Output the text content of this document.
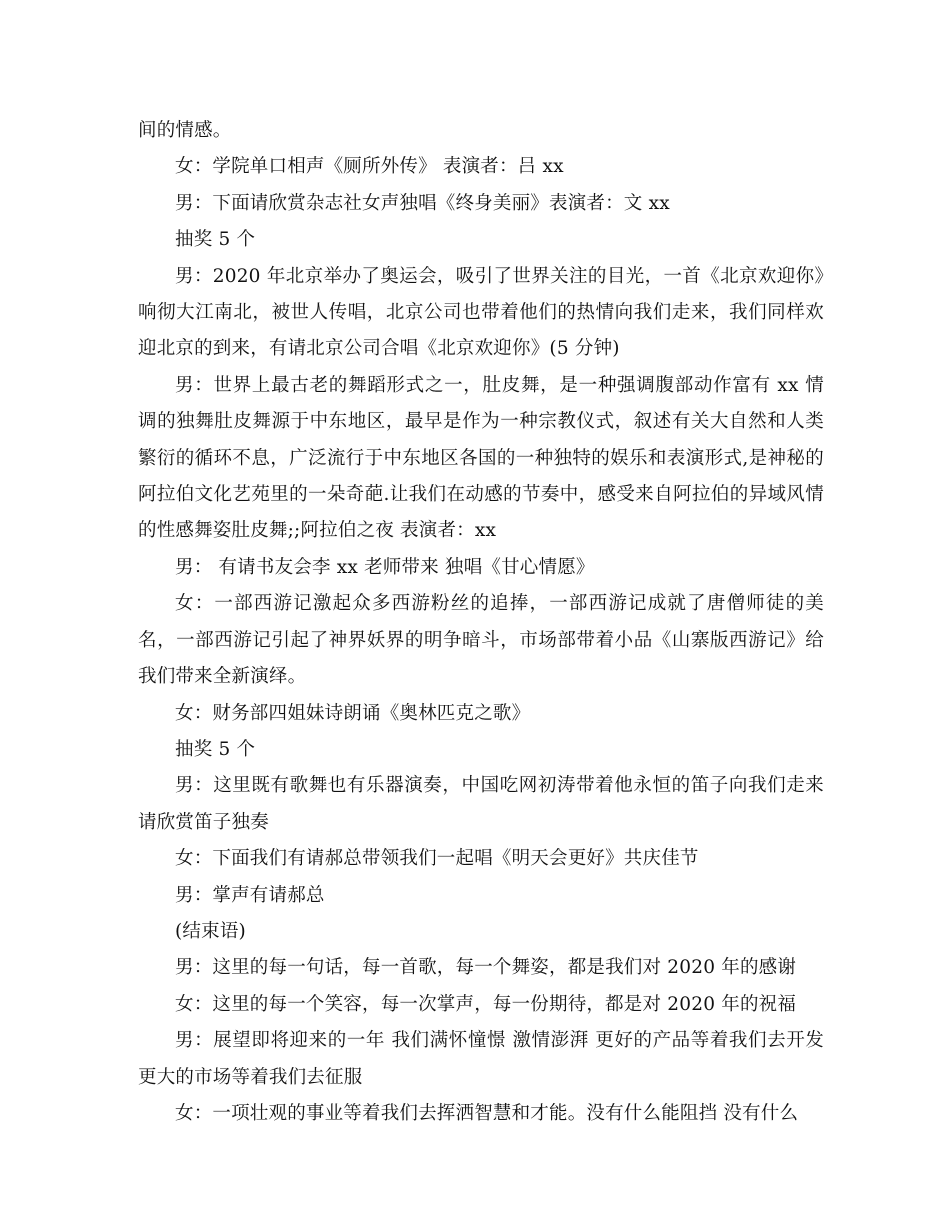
间的情感。

女：学院单口相声《厕所外传》 表演者：吕 xx

男：下面请欣赏杂志社女声独唱《终身美丽》表演者：文 xx

抽奖 5 个

男：2020 年北京举办了奥运会，吸引了世界关注的目光，一首《北京欢迎你》响彻大江南北，被世人传唱，北京公司也带着他们的热情向我们走来，我们同样欢迎北京的到来，有请北京公司合唱《北京欢迎你》(5 分钟)

男：世界上最古老的舞蹈形式之一，肚皮舞，是一种强调腹部动作富有 xx 情调的独舞肚皮舞源于中东地区，最早是作为一种宗教仪式，叙述有关大自然和人类繁衍的循环不息，广泛流行于中东地区各国的一种独特的娱乐和表演形式,是神秘的阿拉伯文化艺苑里的一朵奇葩.让我们在动感的节奏中，感受来自阿拉伯的异域风情的性感舞姿肚皮舞;;阿拉伯之夜 表演者：xx

男： 有请书友会李 xx 老师带来 独唱《甘心情愿》

女：一部西游记激起众多西游粉丝的追捧，一部西游记成就了唐僧师徒的美名，一部西游记引起了神界妖界的明争暗斗，市场部带着小品《山寨版西游记》给我们带来全新演绎。

女：财务部四姐妹诗朗诵《奥林匹克之歌》

抽奖 5 个

男：这里既有歌舞也有乐器演奏，中国吃网初涛带着他永恒的笛子向我们走来请欣赏笛子独奏

女：下面我们有请郝总带领我们一起唱《明天会更好》共庆佳节

男：掌声有请郝总

(结束语)

男：这里的每一句话，每一首歌，每一个舞姿，都是我们对 2020 年的感谢

女：这里的每一个笑容，每一次掌声，每一份期待，都是对 2020 年的祝福

男：展望即将迎来的一年 我们满怀憧憬 激情澎湃 更好的产品等着我们去开发 更大的市场等着我们去征服

女：一项壮观的事业等着我们去挥洒智慧和才能。没有什么能阻挡 没有什么
